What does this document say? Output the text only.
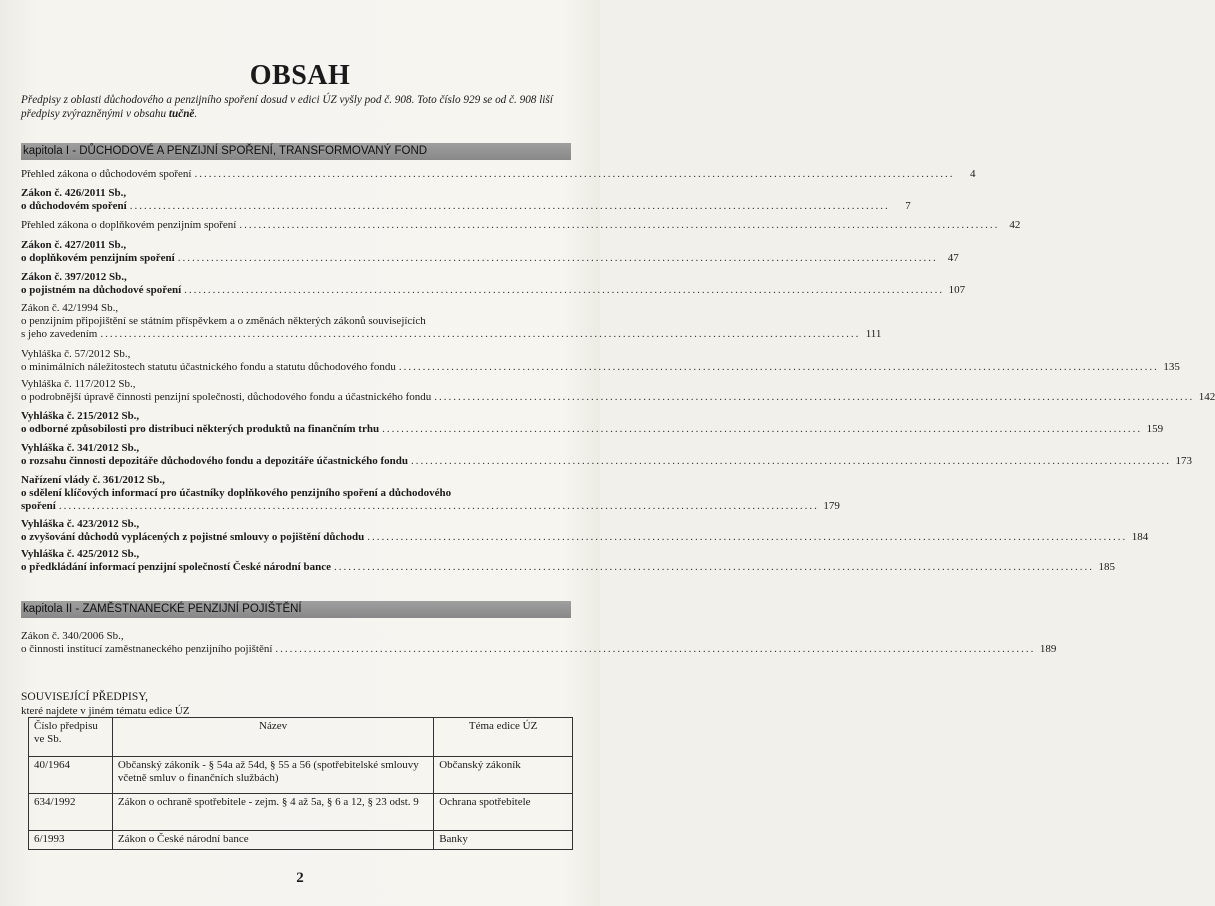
OBSAH
Předpisy z oblasti důchodového a penzijního spoření dosud v edici ÚZ vyšly pod č. 908. Toto číslo 929 se od č. 908 liší předpisy zvýrazněnými v obsahu tučně.
kapitola I - DŮCHODOVÉ A PENZIJNÍ SPOŘENÍ, TRANSFORMOVANÝ FOND
Přehled zákona o důchodovém spoření .....	4
Zákon č. 426/2011 Sb.,
o důchodovém spoření .....	7
Přehled zákona o doplňkovém penzijním spoření .....	42
Zákon č. 427/2011 Sb.,
o doplňkovém penzijním spoření .....	47
Zákon č. 397/2012 Sb.,
o pojistném na důchodové spoření .....	107
Zákon č. 42/1994 Sb.,
o penzijním připojištění se státním příspěvkem a o změnách některých zákonů souvisejících
s jeho zavedením .....	111
Vyhláška č. 57/2012 Sb.,
o minimálních náležitostech statutu účastnického fondu a statutu důchodového fondu .....	135
Vyhláška č. 117/2012 Sb.,
o podrobnější úpravě činnosti penzijní společnosti, důchodového fondu a účastnického fondu .....	142
Vyhláška č. 215/2012 Sb.,
o odborné způsobilosti pro distribuci některých produktů na finančním trhu .....	159
Vyhláška č. 341/2012 Sb.,
o rozsahu činnosti depozitáře důchodového fondu a depozitáře účastnického fondu .....	173
Nařízení vlády č. 361/2012 Sb.,
o sdělení klíčových informací pro účastníky doplňkového penzijního spoření a důchodového
spoření .....	179
Vyhláška č. 423/2012 Sb.,
o zvyšování důchodů vyplácených z pojistné smlouvy o pojištění důchodu .....	184
Vyhláška č. 425/2012 Sb.,
o předkládání informací penzijní společností České národní bance .....	185
kapitola II - ZAMĚSTNANECKÉ PENZIJNÍ POJIŠTĚNÍ
Zákon č. 340/2006 Sb.,
o činnosti institucí zaměstnaneckého penzijního pojištění .....	189
SOUVISEJÍCÍ PŘEDPISY,
které najdete v jiném tématu edice ÚZ
Číslo předpisu ve Sb.	Název	Téma edice ÚZ
40/1964	Občanský zákoník - § 54a až 54d, § 55 a 56 (spotřebitelské smlouvy včetně smluv o finančních službách)	Občanský zákoník
634/1992	Zákon o ochraně spotřebitele - zejm. § 4 až 5a, § 6 a 12, § 23 odst. 9	Ochrana spotřebitele
6/1993	Zákon o České národní bance	Banky
2
